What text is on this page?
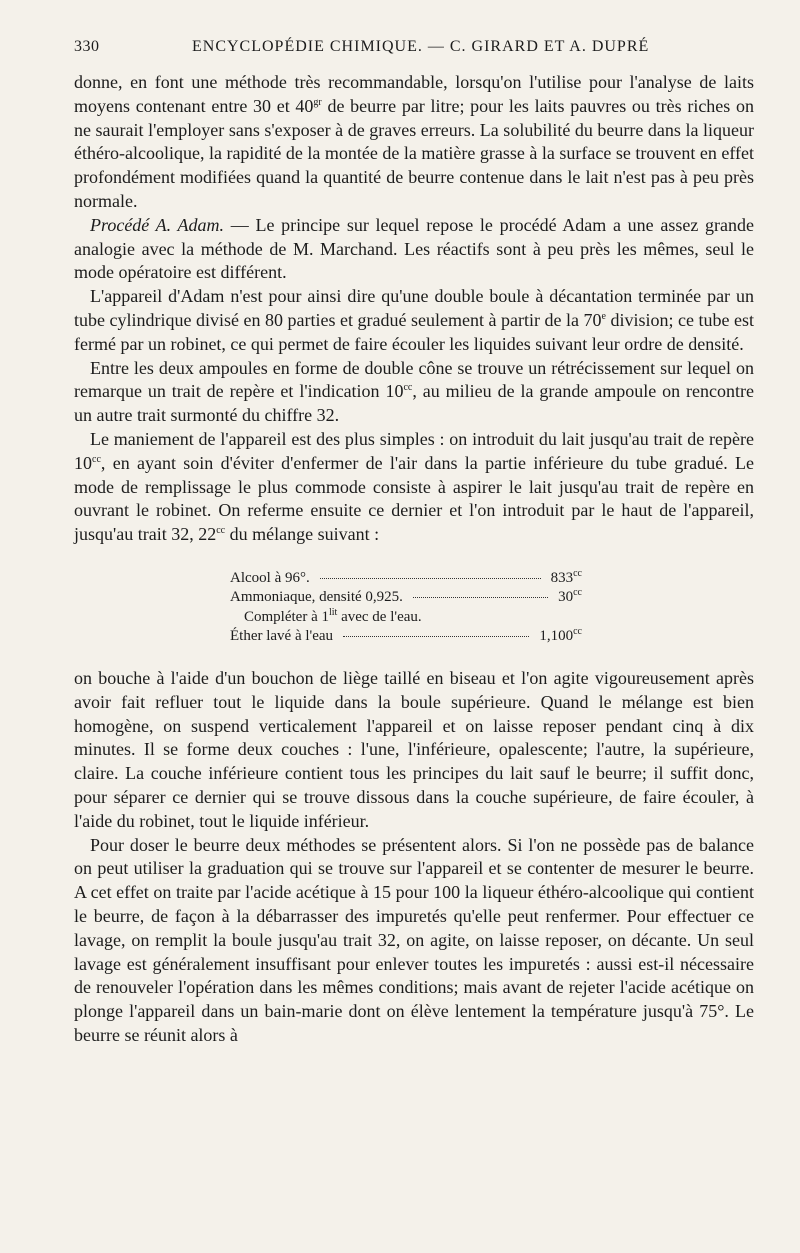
330	ENCYCLOPÉDIE CHIMIQUE. — C. GIRARD ET A. DUPRÉ

donne, en font une méthode très recommandable, lorsqu'on l'utilise pour l'analyse de laits moyens contenant entre 30 et $40^{gr}$ de beurre par litre; pour les laits pauvres ou très riches on ne saurait l'employer sans s'exposer à de graves erreurs. La solubilité du beurre dans la liqueur éthéro-alcoolique, la rapidité de la montée de la matière grasse à la surface se trouvent en effet profondément modifiées quand la quantité de beurre contenue dans le lait n'est pas à peu près normale.

Procédé A. Adam. — Le principe sur lequel repose le procédé Adam a une assez grande analogie avec la méthode de M. Marchand. Les réactifs sont à peu près les mêmes, seul le mode opératoire est différent.

L'appareil d'Adam n'est pour ainsi dire qu'une double boule à décantation terminée par un tube cylindrique divisé en 80 parties et gradué seulement à partir de la 70e division; ce tube est fermé par un robinet, ce qui permet de faire écouler les liquides suivant leur ordre de densité.

Entre les deux ampoules en forme de double cône se trouve un rétrécissement sur lequel on remarque un trait de repère et l'indication $10^{cc}$, au milieu de la grande ampoule on rencontre un autre trait surmonté du chiffre 32.

Le maniement de l'appareil est des plus simples : on introduit du lait jusqu'au trait de repère $10^{cc}$, en ayant soin d'éviter d'enfermer de l'air dans la partie inférieure du tube gradué. Le mode de remplissage le plus commode consiste à aspirer le lait jusqu'au trait de repère en ouvrant le robinet. On referme ensuite ce dernier et l'on introduit par le haut de l'appareil, jusqu'au trait 32, $22^{cc}$ du mélange suivant :

Alcool à 96°.	$833^{cc}$
Ammoniaque, densité 0,925.	$30^{cc}$
Compléter à $1^{lit}$ avec de l'eau.
Éther lavé à l'eau	1,100$^{cc}$

on bouche à l'aide d'un bouchon de liège taillé en biseau et l'on agite vigoureusement après avoir fait refluer tout le liquide dans la boule supérieure. Quand le mélange est bien homogène, on suspend verticalement l'appareil et on laisse reposer pendant cinq à dix minutes. Il se forme deux couches : l'une, l'inférieure, opalescente; l'autre, la supérieure, claire. La couche inférieure contient tous les principes du lait sauf le beurre; il suffit donc, pour séparer ce dernier qui se trouve dissous dans la couche supérieure, de faire écouler, à l'aide du robinet, tout le liquide inférieur.

Pour doser le beurre deux méthodes se présentent alors. Si l'on ne possède pas de balance on peut utiliser la graduation qui se trouve sur l'appareil et se contenter de mesurer le beurre. A cet effet on traite par l'acide acétique à 15 pour 100 la liqueur éthéro-alcoolique qui contient le beurre, de façon à la débarrasser des impuretés qu'elle peut renfermer. Pour effectuer ce lavage, on remplit la boule jusqu'au trait 32, on agite, on laisse reposer, on décante. Un seul lavage est généralement insuffisant pour enlever toutes les impuretés : aussi est-il nécessaire de renouveler l'opération dans les mêmes conditions; mais avant de rejeter l'acide acétique on plonge l'appareil dans un bain-marie dont on élève lentement la température jusqu'à 75°. Le beurre se réunit alors à
